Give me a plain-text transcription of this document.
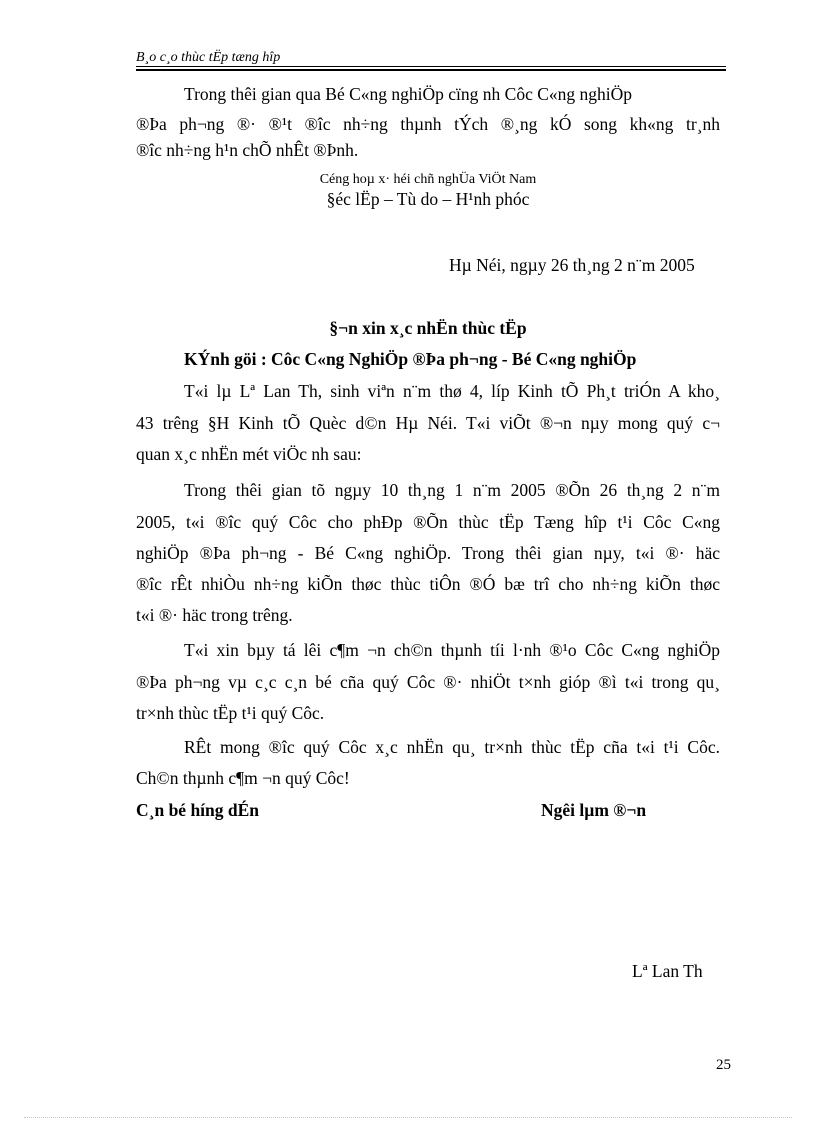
B¸o c¸o thùc tËp tæng hîp
Trong thêi gian qua Bé C«ng nghiÖp cïng nh Côc C«ng nghiÖp
®Þa ph¬ng ®· ®¹t ®îc nh÷ng thµnh tÝch ®¸ng kÓ song kh«ng tr¸nh
®îc nh÷ng h¹n chÕ nhÊt ®Þnh.
Céng hoµ x· héi chñ nghÜa ViÖt Nam
§éc lËp – Tù do – H¹nh phóc
Hµ Néi, ngµy 26 th¸ng 2 n¨m 2005
§¬n xin x¸c nhËn thùc tËp
KÝnh göi : Côc C«ng NghiÖp ®Þa ph¬ng - Bé C«ng nghiÖp
T«i lµ Lª Lan Th, sinh viªn n¨m thø 4, líp Kinh tÕ Ph¸t triÓn A kho¸
43 trêng §H Kinh tÕ Quèc d©n Hµ Néi. T«i viÕt ®¬n nµy mong quý c¬
quan x¸c nhËn mét viÖc nh sau:
Trong thêi gian tõ ngµy 10 th¸ng 1 n¨m 2005 ®Õn 26 th¸ng 2 n¨m
2005, t«i ®îc quý Côc cho phÐp ®Õn thùc tËp Tæng hîp t¹i Côc C«ng
nghiÖp ®Þa ph¬ng - Bé C«ng nghiÖp. Trong thêi gian nµy, t«i ®· häc
®îc rÊt nhiÒu nh÷ng kiÕn thøc thùc tiÔn ®Ó bæ trî cho nh÷ng kiÕn thøc
t«i ®· häc trong trêng.
T«i xin bµy tá lêi c¶m ¬n ch©n thµnh tíi l·nh ®¹o Côc C«ng nghiÖp
®Þa ph¬ng vµ c¸c c¸n bé cña quý Côc ®· nhiÖt t×nh gióp ®ì t«i trong qu¸
tr×nh thùc tËp t¹i quý Côc.
RÊt mong ®îc quý Côc x¸c nhËn qu¸ tr×nh thùc tËp cña t«i t¹i Côc.
Ch©n thµnh c¶m ¬n quý Côc!
C¸n bé híng dÉn	Ngêi lµm ®¬n
Lª Lan Th
25
